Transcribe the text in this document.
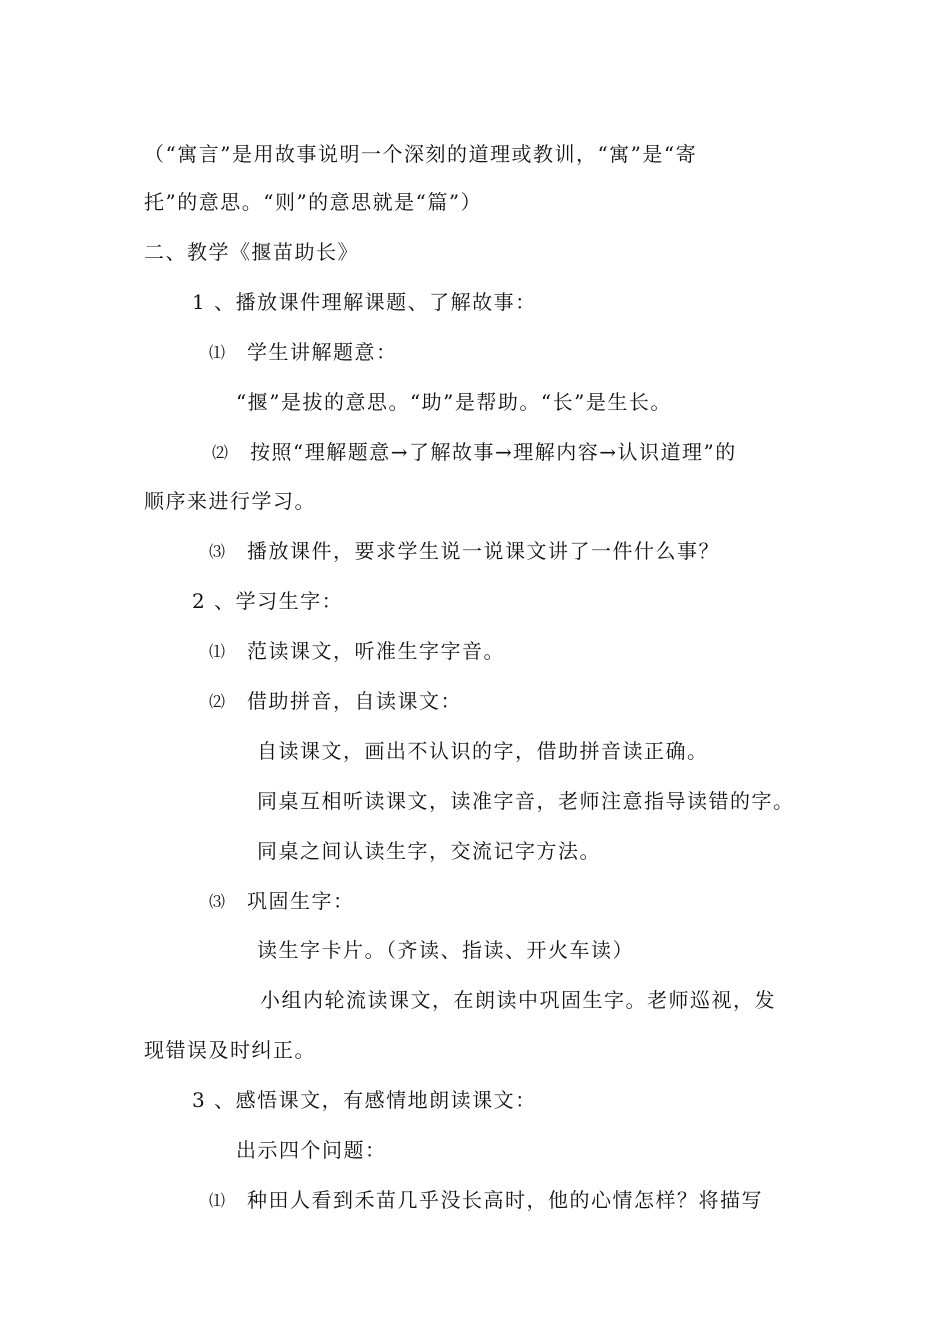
（“寓言”是用故事说明一个深刻的道理或教训，“寓”是“寄
托”的意思。“则”的意思就是“篇”）
二、教学《揠苗助长》
1 、播放课件理解课题、了解故事：
⑴ 学生讲解题意：
“揠”是拔的意思。“助”是帮助。“长”是生长。
⑵ 按照“理解题意→了解故事→理解内容→认识道理”的
顺序来进行学习。
⑶ 播放课件，要求学生说一说课文讲了一件什么事？
2 、学习生字：
⑴ 范读课文，听准生字字音。
⑵ 借助拼音，自读课文：
自读课文，画出不认识的字，借助拼音读正确。
同桌互相听读课文，读准字音，老师注意指导读错的字。
同桌之间认读生字，交流记字方法。
⑶ 巩固生字：
读生字卡片。（齐读、指读、开火车读）
小组内轮流读课文，在朗读中巩固生字。老师巡视，发
现错误及时纠正。
3 、感悟课文，有感情地朗读课文：
出示四个问题：
⑴ 种田人看到禾苗几乎没长高时，他的心情怎样？将描写
